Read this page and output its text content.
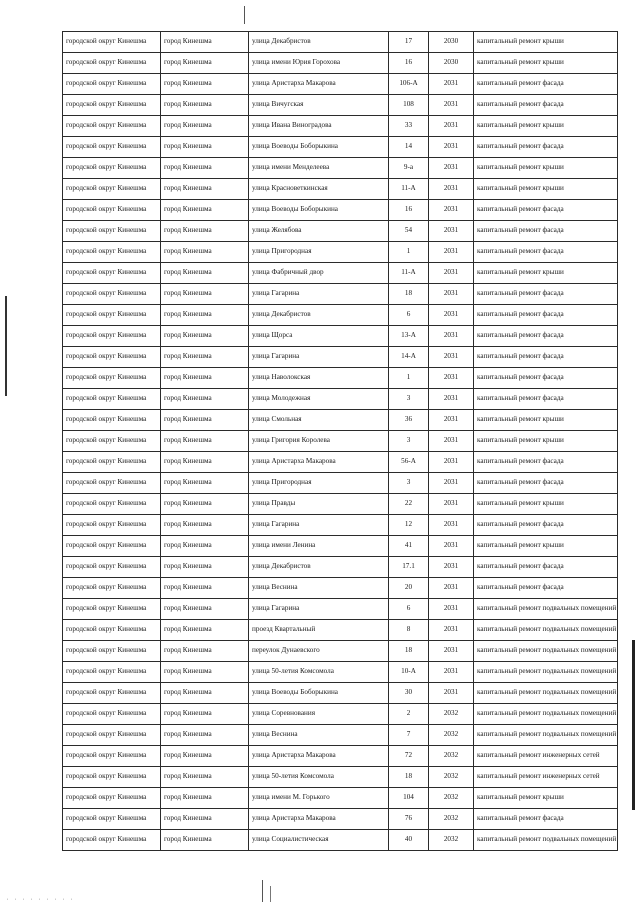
городской округ Кинешма	город Кинешма	улица Декабристов	17	2030	капитальный ремонт крыши
городской округ Кинешма	город Кинешма	улица имени Юрия Горохова	16	2030	капитальный ремонт крыши
городской округ Кинешма	город Кинешма	улица Аристарха Макарова	106-А	2031	капитальный ремонт фасада
городской округ Кинешма	город Кинешма	улица Вичугская	108	2031	капитальный ремонт фасада
городской округ Кинешма	город Кинешма	улица Ивана Виноградова	33	2031	капитальный ремонт крыши
городской округ Кинешма	город Кинешма	улица Воеводы Боборыкина	14	2031	капитальный ремонт фасада
городской округ Кинешма	город Кинешма	улица имени Менделеева	9-а	2031	капитальный ремонт крыши
городской округ Кинешма	город Кинешма	улица Красноветкинская	11-А	2031	капитальный ремонт крыши
городской округ Кинешма	город Кинешма	улица Воеводы Боборыкина	16	2031	капитальный ремонт фасада
городской округ Кинешма	город Кинешма	улица Желябова	54	2031	капитальный ремонт фасада
городской округ Кинешма	город Кинешма	улица Пригородная	1	2031	капитальный ремонт фасада
городской округ Кинешма	город Кинешма	улица Фабричный двор	11-А	2031	капитальный ремонт крыши
городской округ Кинешма	город Кинешма	улица Гагарина	18	2031	капитальный ремонт фасада
городской округ Кинешма	город Кинешма	улица Декабристов	6	2031	капитальный ремонт фасада
городской округ Кинешма	город Кинешма	улица Щорса	13-А	2031	капитальный ремонт фасада
городской округ Кинешма	город Кинешма	улица Гагарина	14-А	2031	капитальный ремонт фасада
городской округ Кинешма	город Кинешма	улица Наволокская	1	2031	капитальный ремонт фасада
городской округ Кинешма	город Кинешма	улица Молодежная	3	2031	капитальный ремонт фасада
городской округ Кинешма	город Кинешма	улица Смольная	36	2031	капитальный ремонт крыши
городской округ Кинешма	город Кинешма	улица Григория Королева	3	2031	капитальный ремонт крыши
городской округ Кинешма	город Кинешма	улица Аристарха Макарова	56-А	2031	капитальный ремонт фасада
городской округ Кинешма	город Кинешма	улица Пригородная	3	2031	капитальный ремонт фасада
городской округ Кинешма	город Кинешма	улица Правды	22	2031	капитальный ремонт крыши
городской округ Кинешма	город Кинешма	улица Гагарина	12	2031	капитальный ремонт фасада
городской округ Кинешма	город Кинешма	улица имени Ленина	41	2031	капитальный ремонт крыши
городской округ Кинешма	город Кинешма	улица Декабристов	17.1	2031	капитальный ремонт фасада
городской округ Кинешма	город Кинешма	улица Веснина	20	2031	капитальный ремонт фасада
городской округ Кинешма	город Кинешма	улица Гагарина	6	2031	капитальный ремонт подвальных помещений
городской округ Кинешма	город Кинешма	проезд Квартальный	8	2031	капитальный ремонт подвальных помещений
городской округ Кинешма	город Кинешма	переулок Дунаевского	18	2031	капитальный ремонт подвальных помещений
городской округ Кинешма	город Кинешма	улица 50-летия Комсомола	10-А	2031	капитальный ремонт подвальных помещений
городской округ Кинешма	город Кинешма	улица Воеводы Боборыкина	30	2031	капитальный ремонт подвальных помещений
городской округ Кинешма	город Кинешма	улица Соревнования	2	2032	капитальный ремонт подвальных помещений
городской округ Кинешма	город Кинешма	улица Веснина	7	2032	капитальный ремонт подвальных помещений
городской округ Кинешма	город Кинешма	улица Аристарха Макарова	72	2032	капитальный ремонт инженерных сетей
городской округ Кинешма	город Кинешма	улица 50-летия Комсомола	18	2032	капитальный ремонт инженерных сетей
городской округ Кинешма	город Кинешма	улица имени М. Горького	104	2032	капитальный ремонт крыши
городской округ Кинешма	город Кинешма	улица Аристарха Макарова	76	2032	капитальный ремонт фасада
городской округ Кинешма	город Кинешма	улица Социалистическая	40	2032	капитальный ремонт подвальных помещений
· · · · · · · · ·
